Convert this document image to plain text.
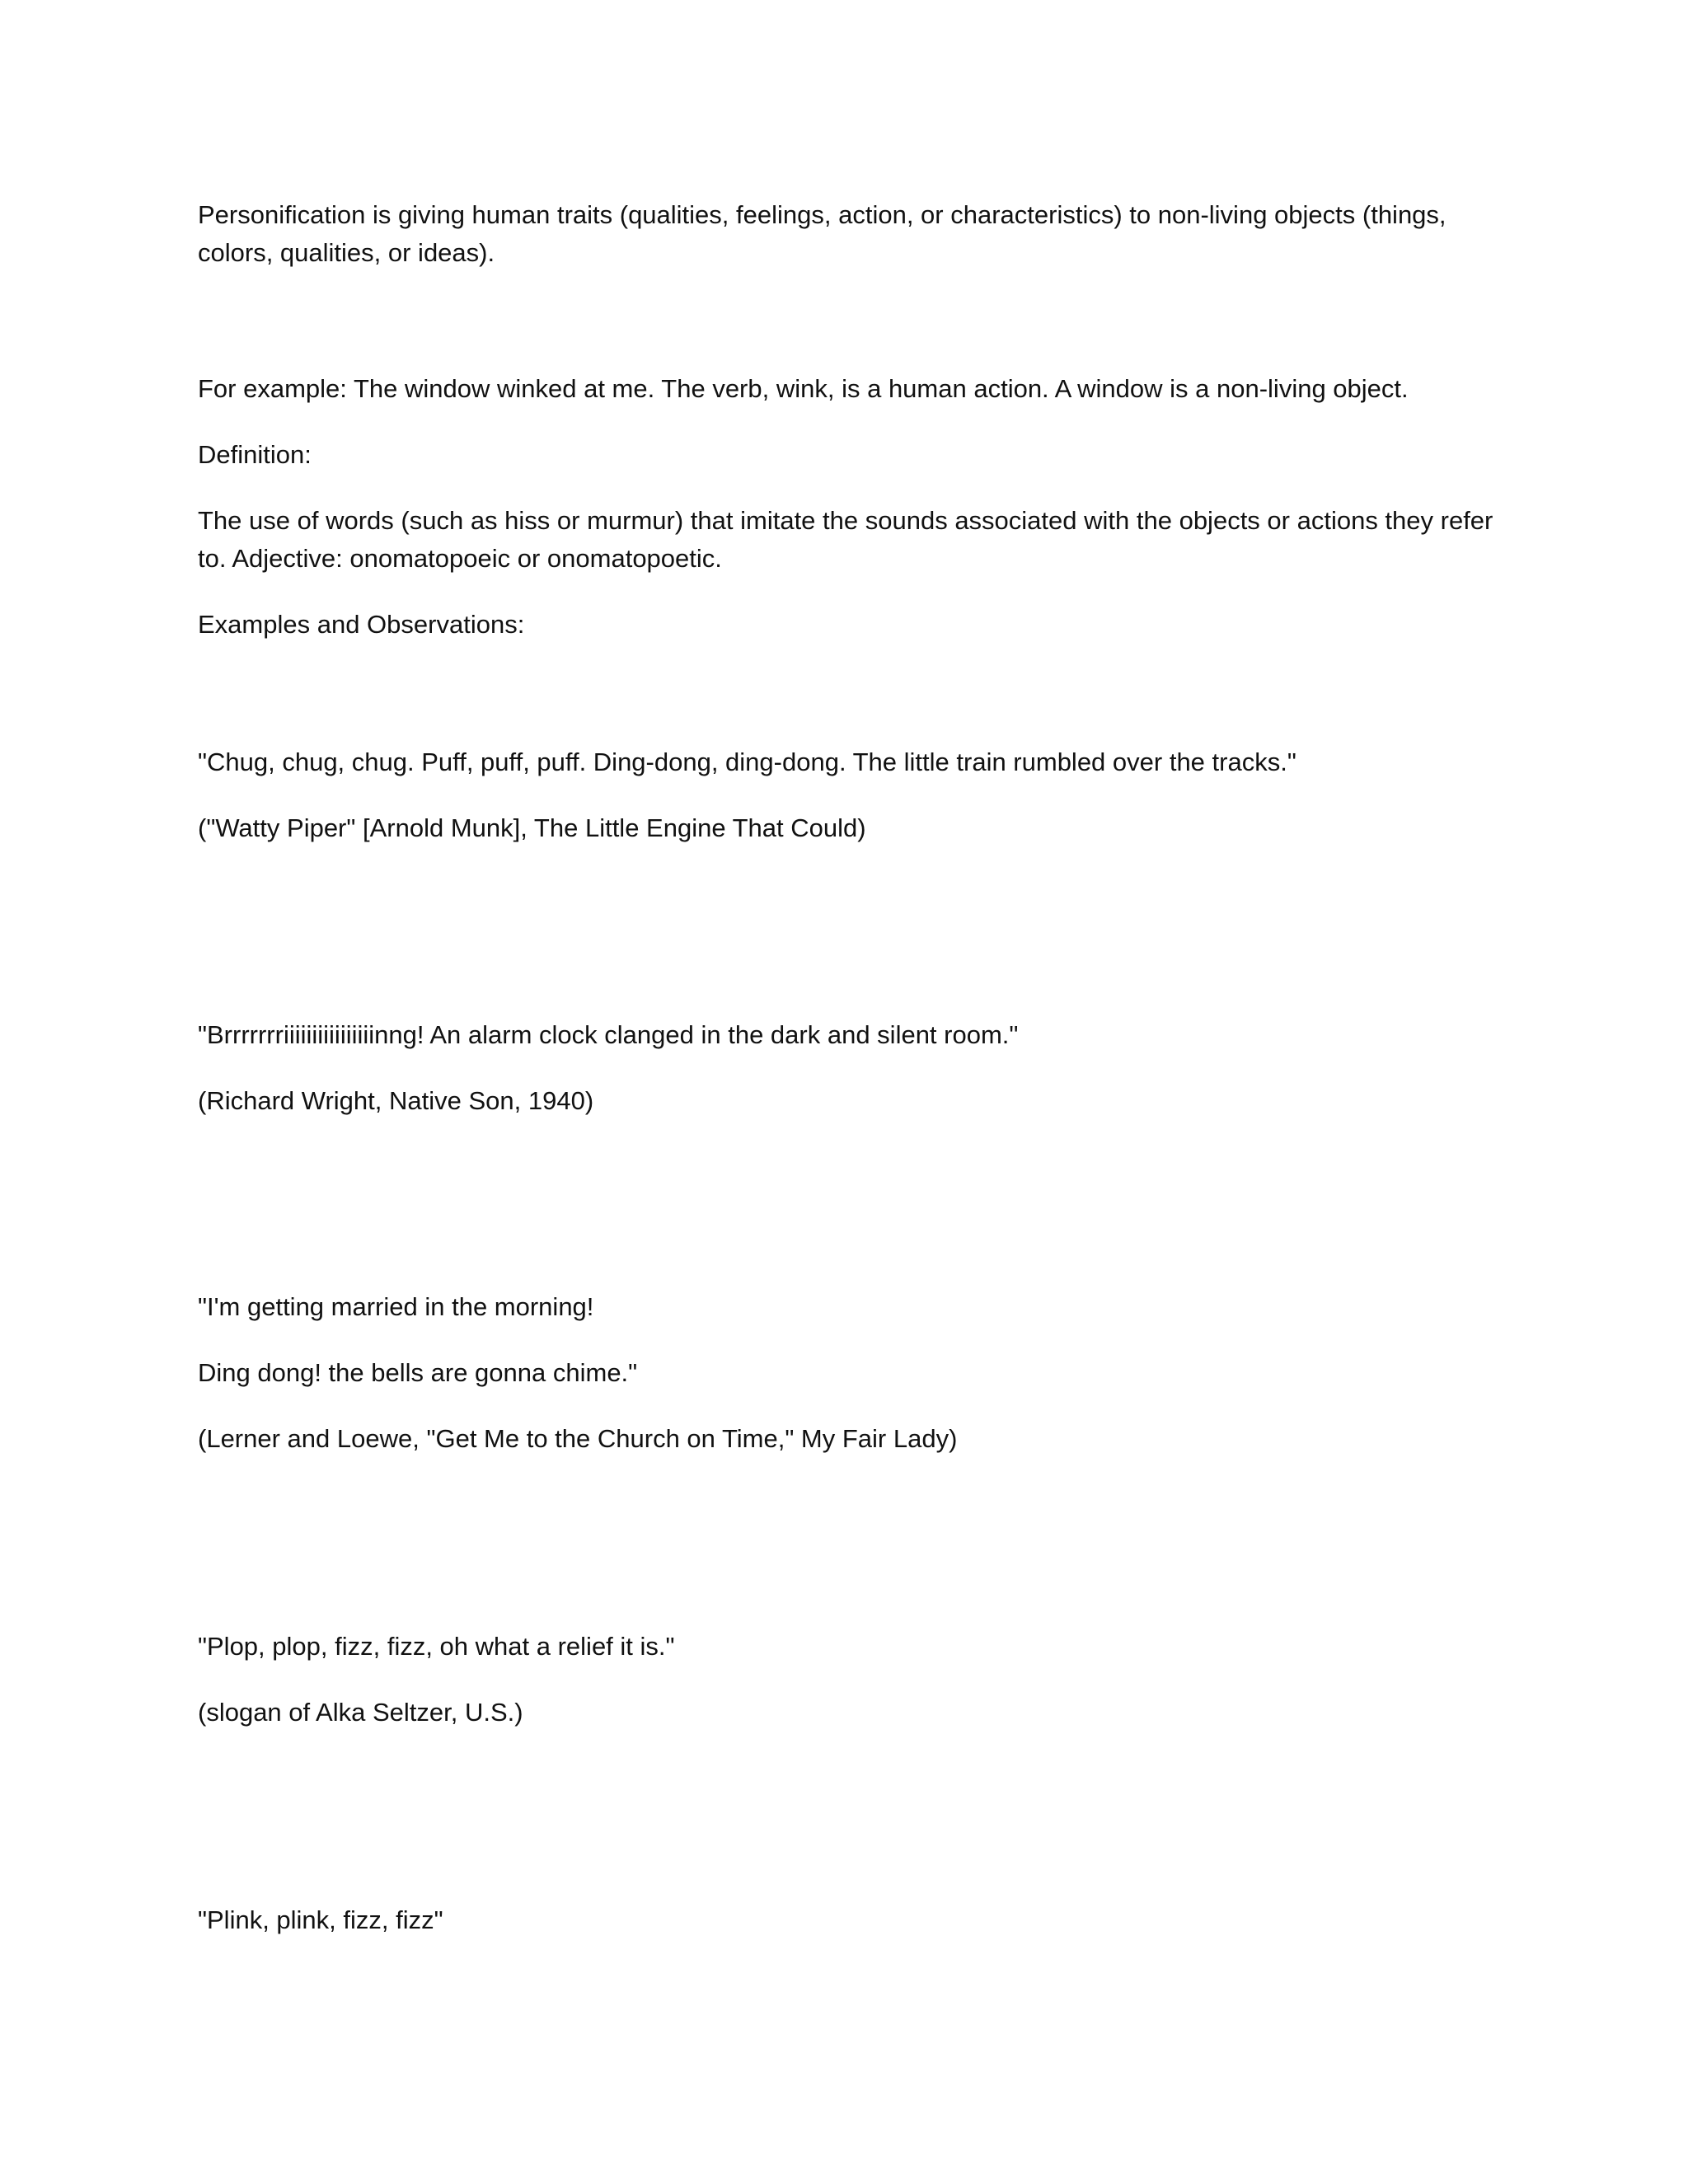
Personification is giving human traits (qualities, feelings, action, or characteristics) to non-living objects (things, colors, qualities, or ideas).

For example: The window winked at me. The verb, wink, is a human action. A window is a non-living object.

Definition:

The use of words (such as hiss or murmur) that imitate the sounds associated with the objects or actions they refer to. Adjective: onomatopoeic or onomatopoetic.

Examples and Observations:

"Chug, chug, chug. Puff, puff, puff. Ding-dong, ding-dong. The little train rumbled over the tracks."

("Watty Piper" [Arnold Munk], The Little Engine That Could)

"Brrrrrrriiiiiiiiiiiiiiiinng! An alarm clock clanged in the dark and silent room."

(Richard Wright, Native Son, 1940)

"I'm getting married in the morning!

Ding dong! the bells are gonna chime."

(Lerner and Loewe, "Get Me to the Church on Time," My Fair Lady)

"Plop, plop, fizz, fizz, oh what a relief it is."

(slogan of Alka Seltzer, U.S.)

"Plink, plink, fizz, fizz"
